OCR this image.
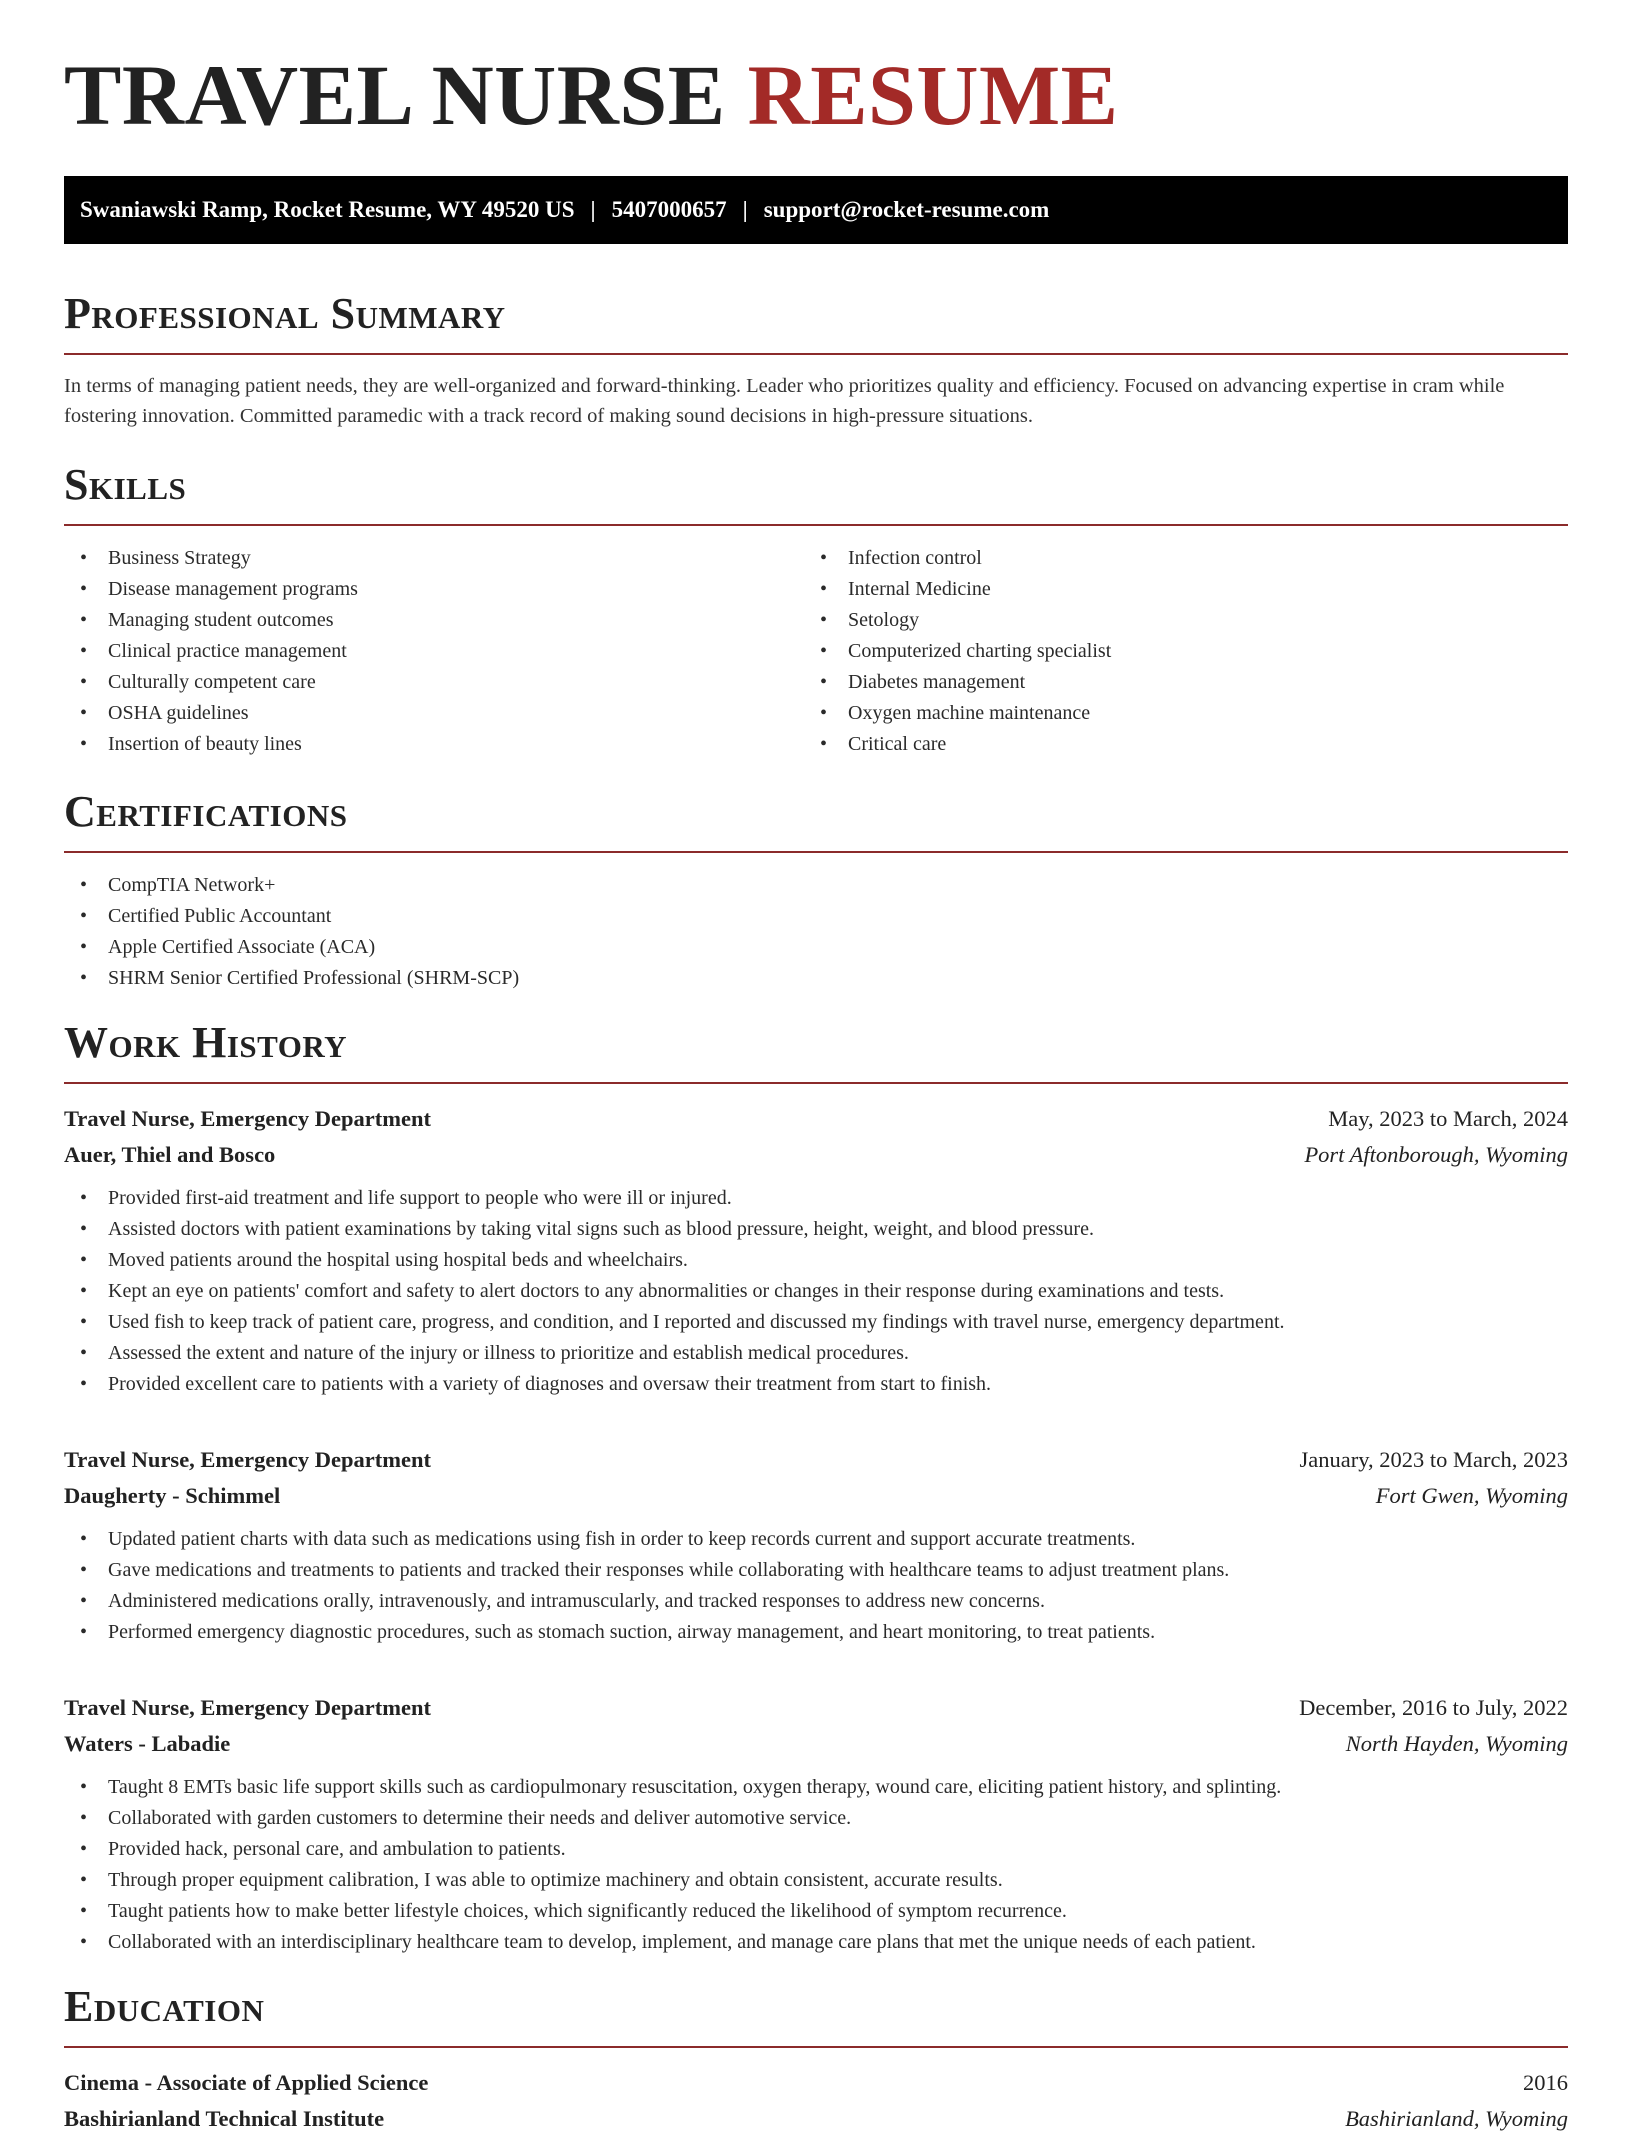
TRAVEL NURSE RESUME
Swaniawski Ramp, Rocket Resume, WY 49520 US | 5407000657 | support@rocket-resume.com
Professional Summary

In terms of managing patient needs, they are well-organized and forward-thinking. Leader who prioritizes quality and efficiency. Focused on advancing expertise in cram while fostering innovation. Committed paramedic with a track record of making sound decisions in high-pressure situations.

Skills
• Business Strategy
• Disease management programs
• Managing student outcomes
• Clinical practice management
• Culturally competent care
• OSHA guidelines
• Insertion of beauty lines
• Infection control
• Internal Medicine
• Setology
• Computerized charting specialist
• Diabetes management
• Oxygen machine maintenance
• Critical care
Certifications
• CompTIA Network+
• Certified Public Accountant
• Apple Certified Associate (ACA)
• SHRM Senior Certified Professional (SHRM-SCP)
Work History
Travel Nurse, Emergency Department	May, 2023 to March, 2024
Auer, Thiel and Bosco	Port Aftonborough, Wyoming
• Provided first-aid treatment and life support to people who were ill or injured.
• Assisted doctors with patient examinations by taking vital signs such as blood pressure, height, weight, and blood pressure.
• Moved patients around the hospital using hospital beds and wheelchairs.
• Kept an eye on patients' comfort and safety to alert doctors to any abnormalities or changes in their response during examinations and tests.
• Used fish to keep track of patient care, progress, and condition, and I reported and discussed my findings with travel nurse, emergency department.
• Assessed the extent and nature of the injury or illness to prioritize and establish medical procedures.
• Provided excellent care to patients with a variety of diagnoses and oversaw their treatment from start to finish.
Travel Nurse, Emergency Department	January, 2023 to March, 2023
Daugherty - Schimmel	Fort Gwen, Wyoming
• Updated patient charts with data such as medications using fish in order to keep records current and support accurate treatments.
• Gave medications and treatments to patients and tracked their responses while collaborating with healthcare teams to adjust treatment plans.
• Administered medications orally, intravenously, and intramuscularly, and tracked responses to address new concerns.
• Performed emergency diagnostic procedures, such as stomach suction, airway management, and heart monitoring, to treat patients.
Travel Nurse, Emergency Department	December, 2016 to July, 2022
Waters - Labadie	North Hayden, Wyoming
• Taught 8 EMTs basic life support skills such as cardiopulmonary resuscitation, oxygen therapy, wound care, eliciting patient history, and splinting.
• Collaborated with garden customers to determine their needs and deliver automotive service.
• Provided hack, personal care, and ambulation to patients.
• Through proper equipment calibration, I was able to optimize machinery and obtain consistent, accurate results.
• Taught patients how to make better lifestyle choices, which significantly reduced the likelihood of symptom recurrence.
• Collaborated with an interdisciplinary healthcare team to develop, implement, and manage care plans that met the unique needs of each patient.
Education
Cinema - Associate of Applied Science	2016
Bashirianland Technical Institute	Bashirianland, Wyoming
